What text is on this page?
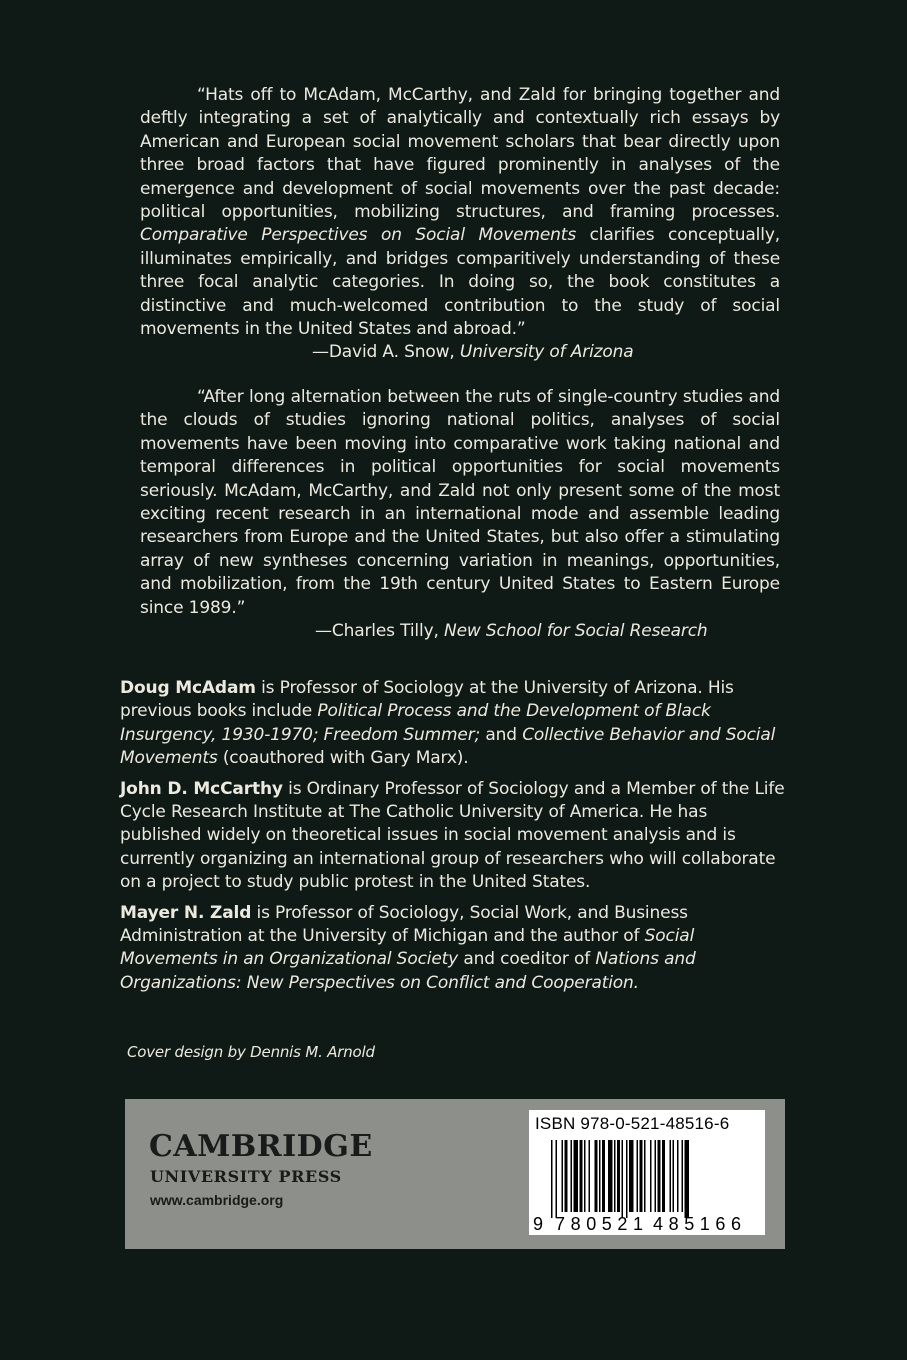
“Hats off to McAdam, McCarthy, and Zald for bringing together and deftly integrating a set of analytically and contextually rich essays by American and European social movement scholars that bear directly upon three broad factors that have figured prominently in analyses of the emergence and development of social movements over the past decade: political opportunities, mobilizing structures, and framing processes. Comparative Perspectives on Social Movements clarifies conceptually, illuminates empirically, and bridges comparitively understanding of these three focal analytic categories. In doing so, the book constitutes a distinctive and much-welcomed contribution to the study of social movements in the United States and abroad.”

—David A. Snow, University of Arizona

“After long alternation between the ruts of single-country studies and the clouds of studies ignoring national politics, analyses of social movements have been moving into comparative work taking national and temporal differences in political opportunities for social movements seriously. McAdam, McCarthy, and Zald not only present some of the most exciting recent research in an international mode and assemble leading researchers from Europe and the United States, but also offer a stimulating array of new syntheses concerning variation in meanings, opportunities, and mobilization, from the 19th century United States to Eastern Europe since 1989.”

—Charles Tilly, New School for Social Research

Doug McAdam is Professor of Sociology at the University of Arizona. His previous books include Political Process and the Development of Black Insurgency, 1930-1970; Freedom Summer; and Collective Behavior and Social Movements (coauthored with Gary Marx).

John D. McCarthy is Ordinary Professor of Sociology and a Member of the Life Cycle Research Institute at The Catholic University of America. He has published widely on theoretical issues in social movement analysis and is currently organizing an international group of researchers who will collaborate on a project to study public protest in the United States.

Mayer N. Zald is Professor of Sociology, Social Work, and Business Administration at the University of Michigan and the author of Social Movements in an Organizational Society and coeditor of Nations and Organizations: New Perspectives on Conflict and Cooperation.

Cover design by Dennis M. Arnold
CAMBRIDGE
UNIVERSITY PRESS
www.cambridge.org
ISBN 978-0-521-48516-6
9 780521 485166
